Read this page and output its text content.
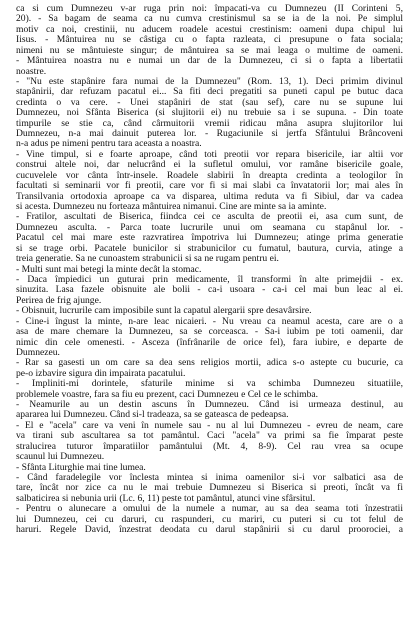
ca si cum Dumnezeu v-ar ruga prin noi: împacati-va cu Dumnezeu (II Corinteni 5,
20). - Sa bagam de seama ca nu cumva crestinismul sa se ia de la noi. Pe simplul
motiv ca noi, crestinii, nu aducem roadele acestui crestinism: oameni dupa chipul lui
Iisus. - Mântuirea nu se câstiga cu o fapta razleata, ci presupune o fata sociala;
nimeni nu se mântuieste singur; de mântuirea sa se mai leaga o multime de oameni.
- Mântuirea noastra nu e numai un dar de la Dumnezeu, ci si o fapta a libertatii
noastre.
- "Nu este stapânire fara numai de la Dumnezeu" (Rom. 13, 1). Deci primim divinul
stapânirii, dar refuzam pacatul ei... Sa fiti deci pregatiti sa puneti capul pe butuc daca
credinta o va cere. - Unei stapâniri de stat (sau sef), care nu se supune lui
Dumnezeu, noi Sfânta Biserica (si slujitorii ei) nu trebuie sa i se supuna. - Din toate
timpurile se stie ca, când cârmuitorii vremii ridicau mâna asupra slujitorilor lui
Dumnezeu, n-a mai dainuit puterea lor. - Rugaciunile si jertfa Sfântului Brâncoveni
n-a adus pe nimeni pentru tara aceasta a noastra.
- Vine timpul, si e foarte aproape, când toti preotii vor repara bisericile, iar altii vor
construi altele noi, dar nelucrând ei la sufletul omului, vor ramâne bisericile goale,
cucuvelele vor cânta într-insele. Roadele slabirii în dreapta credinta a teologilor în
facultati si seminarii vor fi preotii, care vor fi si mai slabi ca învatatorii lor; mai ales în
Transilvania ortodoxia aproape ca va disparea, ultima reduta va fi Sibiul, dar va cadea
si acesta. Dumnezeu nu forteaza mântuirea nimanui. Cine are minte sa ia aminte.
- Fratilor, ascultati de Biserica, fiindca cei ce asculta de preotii ei, asa cum sunt, de
Dumnezeu asculta. - Parca toate lucrurile unui om seamana cu stapânul lor. -
Pacatul cel mai mare este razvratirea împotriva lui Dumnezeu; atinge prima generatie
si se trage orbi. Pacatele bunicilor si strabunicilor cu fumatul, bautura, curvia, atinge a
treia generatie. Sa ne cunoastem strabunicii si sa ne rugam pentru ei.
- Multi sunt mai betegi la minte decât la stomac.
- Daca împiedici un guturai prin medicamente, îl transformi în alte primejdii - ex.
sinuzita. Lasa fazele obisnuite ale bolii - ca-i usoara - ca-i cel mai bun leac al ei.
Perirea de frig ajunge.
- Obisnuit, lucrurile cam imposibile sunt la capatul alergarii spre desavârsire.
- Cine-i îngust la minte, n-are leac nicaieri. - Nu vreau ca neamul acesta, care are o a
asa de mare chemare la Dumnezeu, sa se corceasca. - Sa-i iubim pe toti oamenii, dar
nimic din cele omenesti. - Asceza (înfrânarile de orice fel), fara iubire, e departe de
Dumnezeu.
- Rar sa gasesti un om care sa dea sens religios mortii, adica s-o astepte cu bucurie, ca
pe-o izbavire sigura din impairata pacatului.
- Împliniti-mi dorintele, sfaturile minime si va schimba Dumnezeu situatiile,
problemele voastre, fara sa fiu eu prezent, caci Dumnezeu e Cel ce le schimba.
- Neamurile au un destin ascuns în Dumnezeu. Când isi urmeaza destinul, au
apararea lui Dumnezeu. Când si-l tradeaza, sa se gateasca de pedeapsa.
- El e "acela" care va veni în numele sau - nu al lui Dumnezeu - evreu de neam, care
va tirani sub ascultarea sa tot pamântul. Caci "acela" va primi sa fie împarat peste
stralucirea tuturor împaratiilor pamântului (Mt. 4, 8-9). Cel rau vrea sa ocupe
scaunul lui Dumnezeu.
- Sfânta Liturghie mai tine lumea.
- Când faradelegile vor înclesta mintea si inima oamenilor si-i vor salbatici asa de
tare, încât nor zice ca nu le mai trebuie Dumnezeu si Biserica si preoti, încât va fi
salbaticirea si nebunia urii (Lc. 6, 11) peste tot pamântul, atunci vine sfârsitul.
- Pentru o alunecare a omului de la numele a numar, au sa dea seama toti înzestratii
lui Dumnezeu, cei cu daruri, cu raspunderi, cu mariri, cu puteri si cu tot felul de
haruri. Regele David, înzestrat deodata cu darul stapânirii si cu darul proorociei, a
